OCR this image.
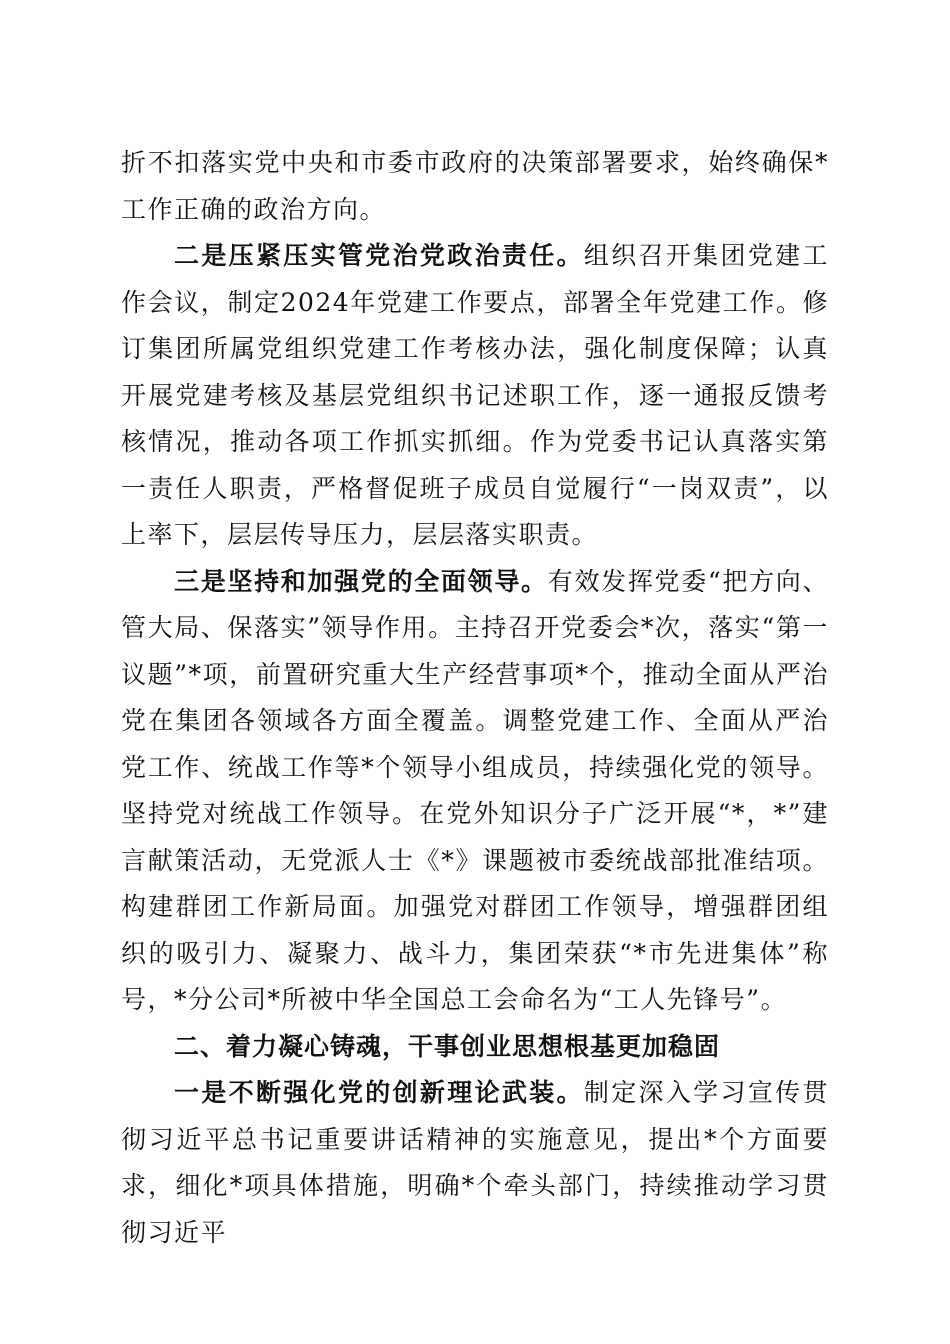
折不扣落实党中央和市委市政府的决策部署要求，始终确保*工作正确的政治方向。

二是压紧压实管党治党政治责任。组织召开集团党建工作会议，制定2024年党建工作要点，部署全年党建工作。修订集团所属党组织党建工作考核办法，强化制度保障；认真开展党建考核及基层党组织书记述职工作，逐一通报反馈考核情况，推动各项工作抓实抓细。作为党委书记认真落实第一责任人职责，严格督促班子成员自觉履行“一岗双责”，以上率下，层层传导压力，层层落实职责。

三是坚持和加强党的全面领导。有效发挥党委“把方向、管大局、保落实”领导作用。主持召开党委会*次，落实“第一议题”*项，前置研究重大生产经营事项*个，推动全面从严治党在集团各领域各方面全覆盖。调整党建工作、全面从严治党工作、统战工作等*个领导小组成员，持续强化党的领导。坚持党对统战工作领导。在党外知识分子广泛开展“*，*”建言献策活动，无党派人士《*》课题被市委统战部批准结项。构建群团工作新局面。加强党对群团工作领导，增强群团组织的吸引力、凝聚力、战斗力，集团荣获“*市先进集体”称号，*分公司*所被中华全国总工会命名为“工人先锋号”。

二、着力凝心铸魂，干事创业思想根基更加稳固

一是不断强化党的创新理论武装。制定深入学习宣传贯彻习近平总书记重要讲话精神的实施意见，提出*个方面要求，细化*项具体措施，明确*个牵头部门，持续推动学习贯彻习近平
